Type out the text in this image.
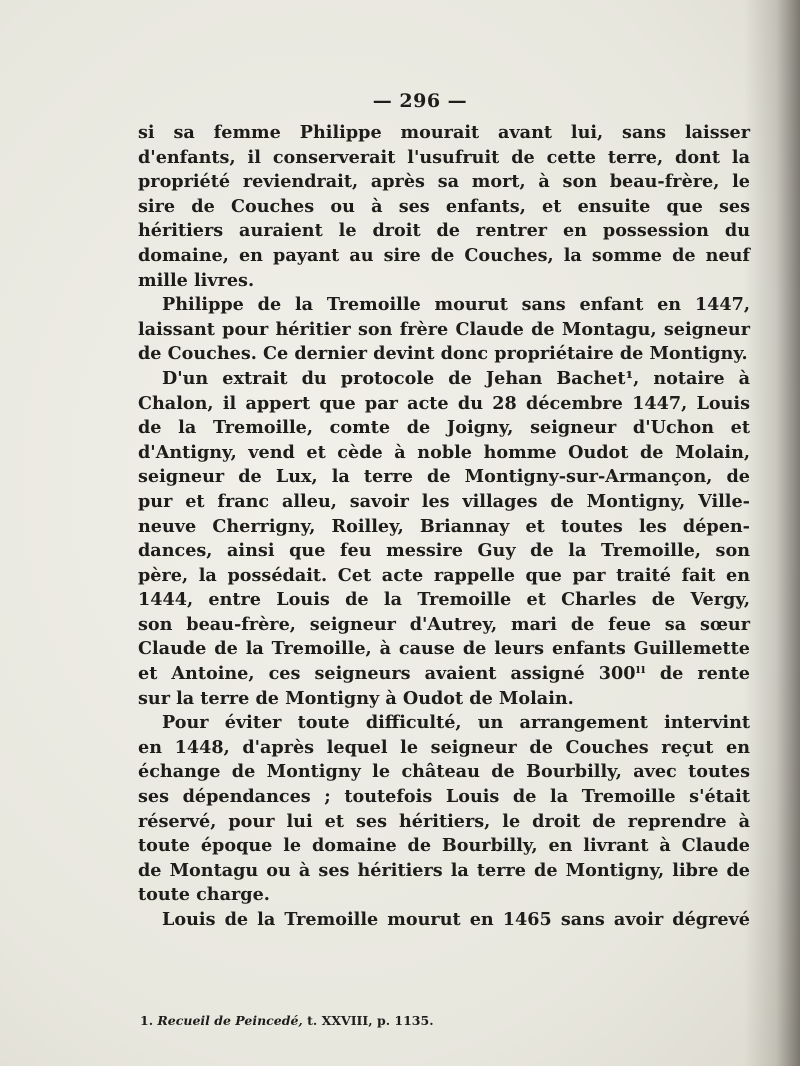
— 296 —
si sa femme Philippe mourait avant lui, sans laisser
d'enfants, il conserverait l'usufruit de cette terre, dont la
propriété reviendrait, après sa mort, à son beau-frère, le
sire de Couches ou à ses enfants, et ensuite que ses
héritiers auraient le droit de rentrer en possession du
domaine, en payant au sire de Couches, la somme de neuf
mille livres.
Philippe de la Tremoille mourut sans enfant en 1447,
laissant pour héritier son frère Claude de Montagu, seigneur
de Couches. Ce dernier devint donc propriétaire de Montigny.
D'un extrait du protocole de Jehan Bachet¹, notaire à
Chalon, il appert que par acte du 28 décembre 1447, Louis
de la Tremoille, comte de Joigny, seigneur d'Uchon et
d'Antigny, vend et cède à noble homme Oudot de Molain,
seigneur de Lux, la terre de Montigny-sur-Armançon, de
pur et franc alleu, savoir les villages de Montigny, Ville-
neuve Cherrigny, Roilley, Briannay et toutes les dépen-
dances, ainsi que feu messire Guy de la Tremoille, son
père, la possédait. Cet acte rappelle que par traité fait en
1444, entre Louis de la Tremoille et Charles de Vergy,
son beau-frère, seigneur d'Autrey, mari de feue sa sœur
Claude de la Tremoille, à cause de leurs enfants Guillemette
et Antoine, ces seigneurs avaient assigné 300ˡˡ de rente
sur la terre de Montigny à Oudot de Molain.
Pour éviter toute difficulté, un arrangement intervint
en 1448, d'après lequel le seigneur de Couches reçut en
échange de Montigny le château de Bourbilly, avec toutes
ses dépendances ; toutefois Louis de la Tremoille s'était
réservé, pour lui et ses héritiers, le droit de reprendre à
toute époque le domaine de Bourbilly, en livrant à Claude
de Montagu ou à ses héritiers la terre de Montigny, libre de
toute charge.
Louis de la Tremoille mourut en 1465 sans avoir dégrevé
1. Recueil de Peincedé, t. XXVIII, p. 1135.
